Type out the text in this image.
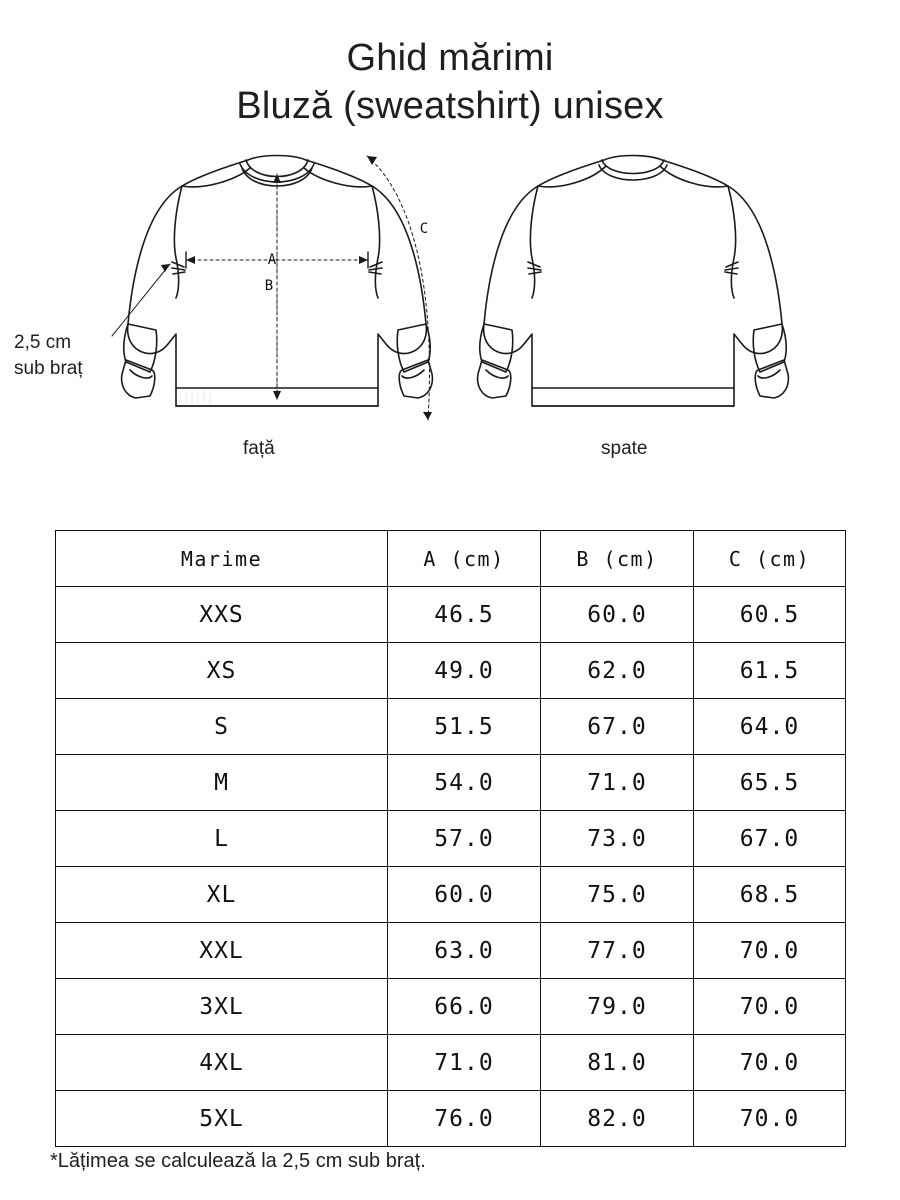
Ghid mărimi
Bluză (sweatshirt) unisex
A
B
C
2,5 cm
sub braț
față	spate
Marime	A (cm)	B (cm)	C (cm)
XXS	46.5	60.0	60.5
XS	49.0	62.0	61.5
S	51.5	67.0	64.0
M	54.0	71.0	65.5
L	57.0	73.0	67.0
XL	60.0	75.0	68.5
XXL	63.0	77.0	70.0
3XL	66.0	79.0	70.0
4XL	71.0	81.0	70.0
5XL	76.0	82.0	70.0
*Lățimea se calculează la 2,5 cm sub braț.
